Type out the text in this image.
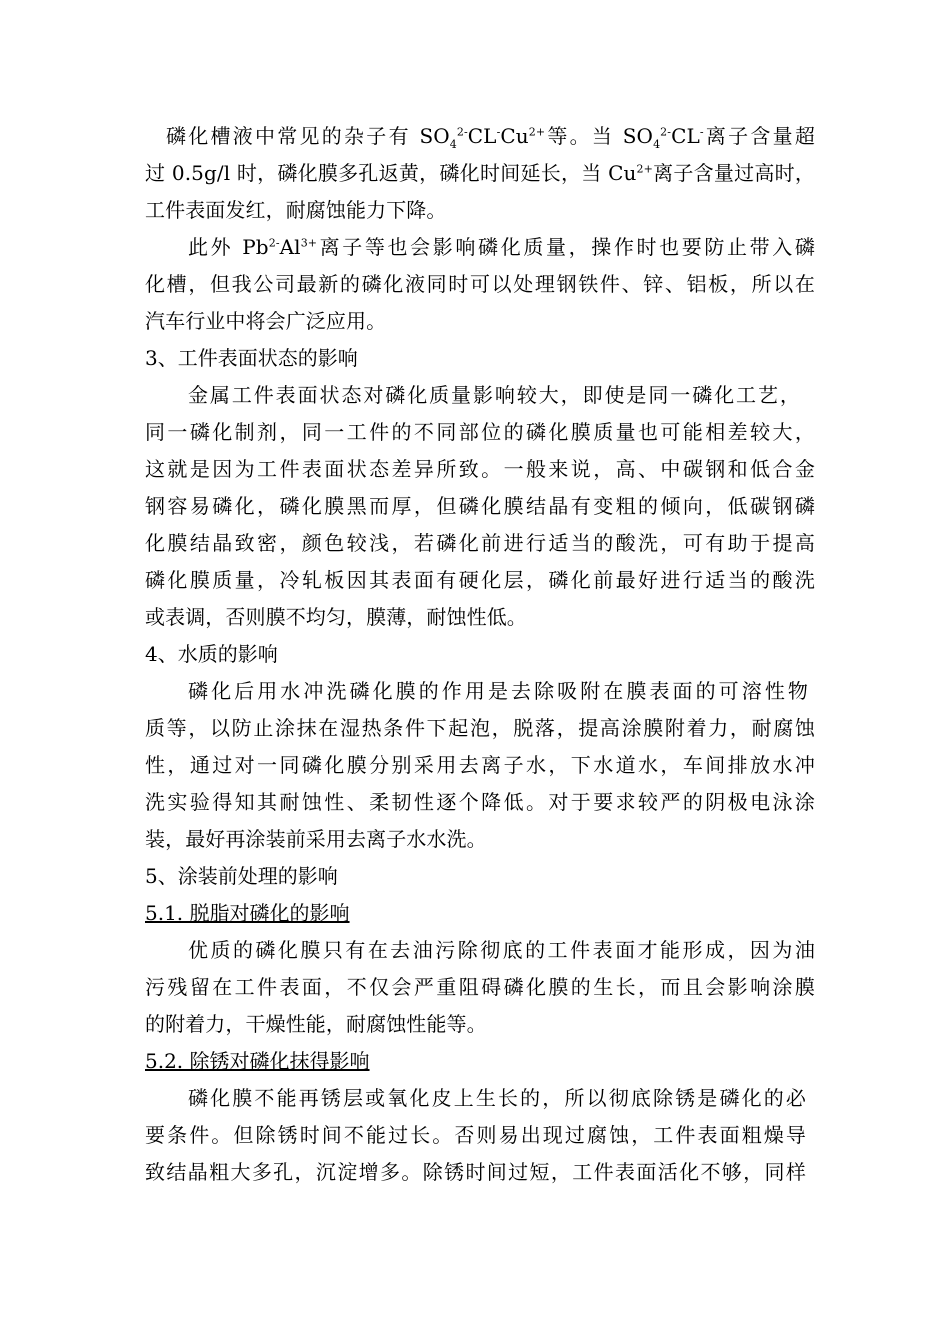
磷化槽液中常见的杂子有 $SO_4^{2-}CL^-Cu^{2+}$等。当 $SO_4^{2-}CL^-$离子含量超
过 0.5g/l 时，磷化膜多孔返黄，磷化时间延长，当 $Cu^{2+}$离子含量过高时，
工件表面发红，耐腐蚀能力下降。
此外 $Pb^{2-}Al^{3+}$离子等也会影响磷化质量，操作时也要防止带入磷
化槽，但我公司最新的磷化液同时可以处理钢铁件、锌、铝板，所以在
汽车行业中将会广泛应用。
3、工件表面状态的影响
金属工件表面状态对磷化质量影响较大，即使是同一磷化工艺，
同一磷化制剂，同一工件的不同部位的磷化膜质量也可能相差较大，
这就是因为工件表面状态差异所致。一般来说，高、中碳钢和低合金
钢容易磷化，磷化膜黑而厚，但磷化膜结晶有变粗的倾向，低碳钢磷
化膜结晶致密，颜色较浅，若磷化前进行适当的酸洗，可有助于提高
磷化膜质量，冷轧板因其表面有硬化层，磷化前最好进行适当的酸洗
或表调，否则膜不均匀，膜薄，耐蚀性低。
4、水质的影响
磷化后用水冲洗磷化膜的作用是去除吸附在膜表面的可溶性物
质等，以防止涂抹在湿热条件下起泡，脱落，提高涂膜附着力，耐腐蚀
性，通过对一同磷化膜分别采用去离子水，下水道水，车间排放水冲
洗实验得知其耐蚀性、柔韧性逐个降低。对于要求较严的阴极电泳涂
装，最好再涂装前采用去离子水水洗。
5、涂装前处理的影响
5.1. 脱脂对磷化的影响
优质的磷化膜只有在去油污除彻底的工件表面才能形成，因为油
污残留在工件表面，不仅会严重阻碍磷化膜的生长，而且会影响涂膜
的附着力，干燥性能，耐腐蚀性能等。
5.2. 除锈对磷化抹得影响
磷化膜不能再锈层或氧化皮上生长的，所以彻底除锈是磷化的必
要条件。但除锈时间不能过长。否则易出现过腐蚀，工件表面粗燥导
致结晶粗大多孔，沉淀增多。除锈时间过短，工件表面活化不够，同样
